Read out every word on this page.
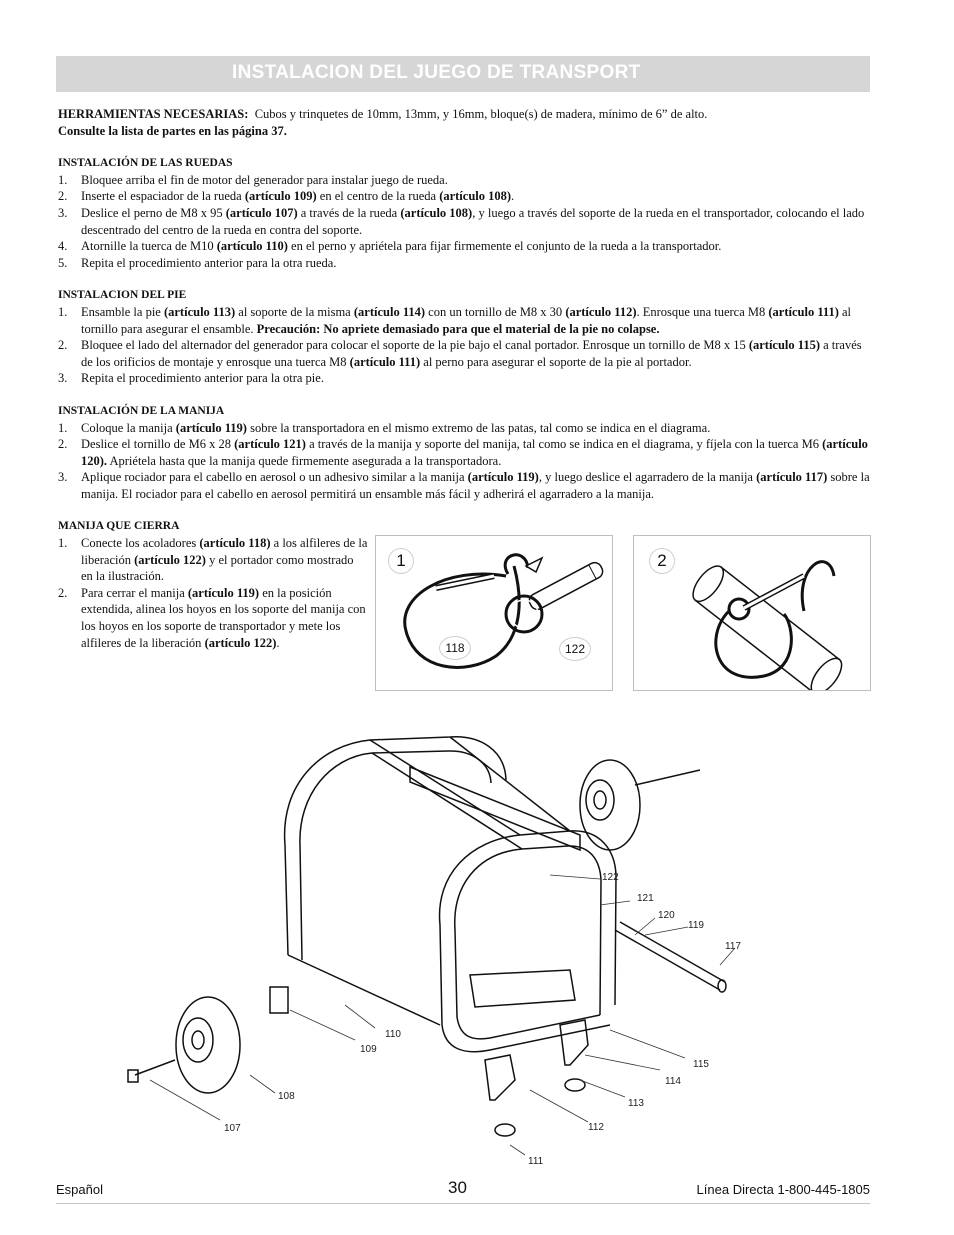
INSTALACION DEL JUEGO DE TRANSPORT

HERRAMIENTAS NECESARIAS: Cubos y trinquetes de 10mm, 13mm, y 16mm, bloque(s) de madera, mínimo de 6” de alto.

Consulte la lista de partes en las página 37.

INSTALACIÓN DE LAS RUEDAS
1. Bloquee arriba el fin de motor del generador para instalar juego de rueda.
2. Inserte el espaciador de la rueda (artículo 109) en el centro de la rueda (artículo 108).
3. Deslice el perno de M8 x 95 (artículo 107) a través de la rueda (artículo 108), y luego a través del soporte de la rueda en el transportador, colocando el lado descentrado del centro de la rueda en contra del soporte.
4. Atornille la tuerca de M10 (artículo 110) en el perno y apriétela para fijar firmemente el conjunto de la rueda a la transportador.
5. Repita el procedimiento anterior para la otra rueda.
INSTALACION DEL PIE
1. Ensamble la pie (artículo 113) al soporte de la misma (artículo 114) con un tornillo de M8 x 30 (artículo 112). Enrosque una tuerca M8 (artículo 111) al tornillo para asegurar el ensamble. Precaución: No apriete demasiado para que el material de la pie no colapse.
2. Bloquee el lado del alternador del generador para colocar el soporte de la pie bajo el canal portador. Enrosque un tornillo de M8 x 15 (artículo 115) a través de los orificios de montaje y enrosque una tuerca M8 (artículo 111) al perno para asegurar el soporte de la pie al portador.
3. Repita el procedimiento anterior para la otra pie.
INSTALACIÓN DE LA MANIJA
1. Coloque la manija (artículo 119) sobre la transportadora en el mismo extremo de las patas, tal como se indica en el diagrama.
2. Deslice el tornillo de M6 x 28 (artículo 121) a través de la manija y soporte del manija, tal como se indica en el diagrama, y fíjela con la tuerca M6 (artículo 120). Apriétela hasta que la manija quede firmemente asegurada a la transportadora.
3. Aplique rociador para el cabello en aerosol o un adhesivo similar a la manija (artículo 119), y luego deslice el agarradero de la manija (artículo 117) sobre la manija. El rociador para el cabello en aerosol permitirá un ensamble más fácil y adherirá el agarradero a la manija.
MANIJA QUE CIERRA
1. Conecte los acoladores (artículo 118) a los alfileres de la liberación (artículo 122) y el portador como mostrado en la ilustración.
2. Para cerrar el manija (artículo 119) en la posición extendida, alinea los hoyos en los soporte del manija con los hoyos en los soporte de transportador y mete los alfileres de la liberación (artículo 122).
1
118	122
2
122
121
120
119
117
110
109
108
107
115
114
113
112
111
Español	30	Línea Directa 1-800-445-1805
